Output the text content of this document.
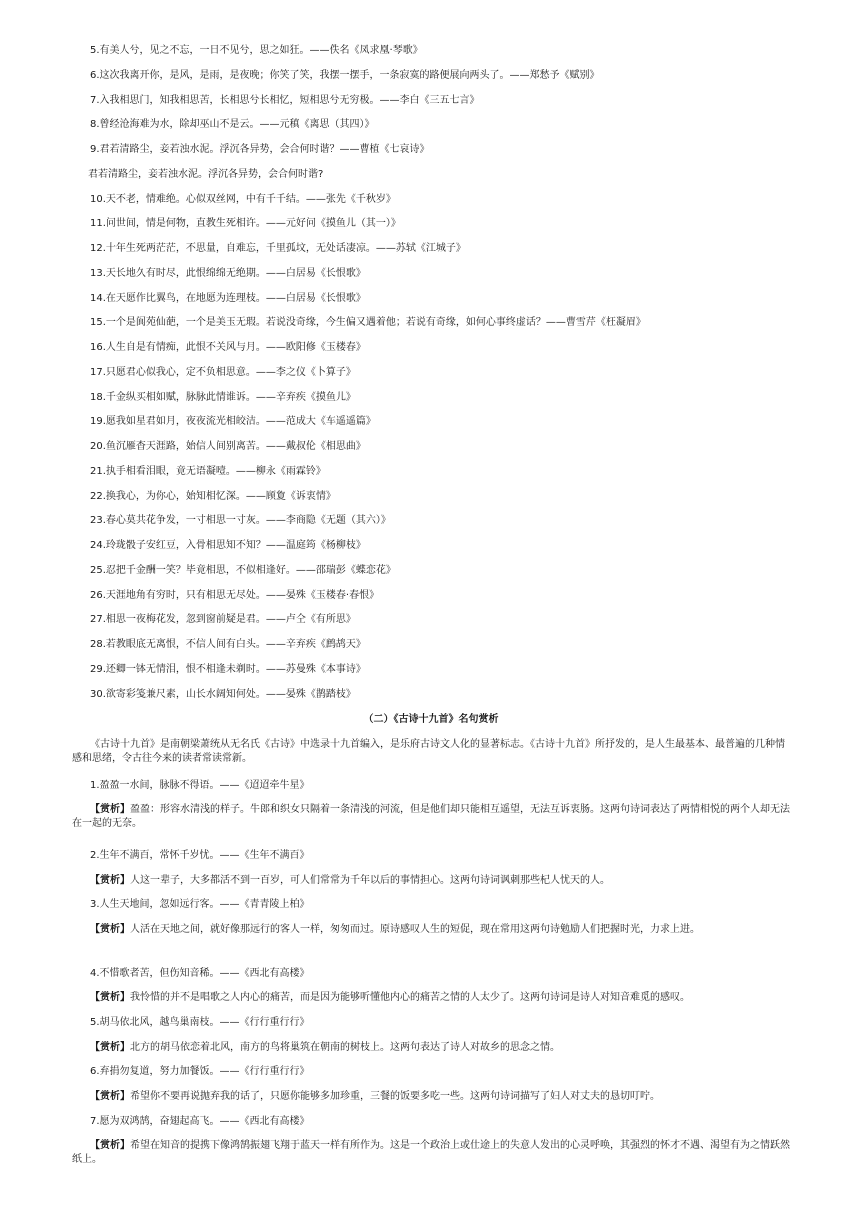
5.有美人兮，见之不忘，一日不见兮，思之如狂。——佚名《凤求凰·琴歌》
6.这次我离开你，是风，是雨，是夜晚；你笑了笑，我摆一摆手，一条寂寞的路便展向两头了。——郑愁予《赋别》
7.入我相思门，知我相思苦，长相思兮长相忆，短相思兮无穷极。——李白《三五七言》
8.曾经沧海难为水，除却巫山不是云。——元稹《离思（其四）》
9.君若清路尘，妾若浊水泥。浮沉各异势，会合何时谐？——曹植《七哀诗》
君若清路尘，妾若浊水泥。浮沉各异势，会合何时谐?
10.天不老，情难绝。心似双丝网，中有千千结。——张先《千秋岁》
11.问世间，情是何物，直教生死相许。——元好问《摸鱼儿（其一）》
12.十年生死两茫茫，不思量，自难忘，千里孤坟，无处话凄凉。——苏轼《江城子》
13.天长地久有时尽，此恨绵绵无绝期。——白居易《长恨歌》
14.在天愿作比翼鸟，在地愿为连理枝。——白居易《长恨歌》
15.一个是阆苑仙葩，一个是美玉无瑕。若说没奇缘，今生偏又遇着他；若说有奇缘，如何心事终虚话？——曹雪芹《枉凝眉》
16.人生自是有情痴，此恨不关风与月。——欧阳修《玉楼春》
17.只愿君心似我心，定不负相思意。——李之仪《卜算子》
18.千金纵买相如赋，脉脉此情谁诉。——辛弃疾《摸鱼儿》
19.愿我如星君如月，夜夜流光相皎洁。——范成大《车遥遥篇》
20.鱼沉雁杳天涯路，始信人间别离苦。——戴叔伦《相思曲》
21.执手相看泪眼，竟无语凝噎。——柳永《雨霖铃》
22.换我心，为你心，始知相忆深。——顾夐《诉衷情》
23.春心莫共花争发，一寸相思一寸灰。——李商隐《无题（其六）》
24.玲珑骰子安红豆，入骨相思知不知？——温庭筠《杨柳枝》
25.忍把千金酬一笑？毕竟相思，不似相逢好。——邵瑞彭《蝶恋花》
26.天涯地角有穷时，只有相思无尽处。——晏殊《玉楼春·春恨》
27.相思一夜梅花发，忽到窗前疑是君。——卢仝《有所思》
28.若教眼底无离恨，不信人间有白头。——辛弃疾《鹧鸪天》
29.还卿一钵无情泪，恨不相逢未剃时。——苏曼殊《本事诗》
30.欲寄彩笺兼尺素，山长水阔知何处。——晏殊《鹊踏枝》
（二）《古诗十九首》名句赏析
《古诗十九首》是南朝梁萧统从无名氏《古诗》中选录十九首编入，是乐府古诗文人化的显著标志。《古诗十九首》所抒发的，是人生最基本、最普遍的几种情感和思绪，令古往今来的读者常读常新。
1.盈盈一水间，脉脉不得语。——《迢迢牵牛星》
【赏析】盈盈：形容水清浅的样子。牛郎和织女只隔着一条清浅的河流，但是他们却只能相互遥望，无法互诉衷肠。这两句诗词表达了两情相悦的两个人却无法在一起的无奈。
2.生年不满百，常怀千岁忧。——《生年不满百》
【赏析】人这一辈子，大多都活不到一百岁，可人们常常为千年以后的事情担心。这两句诗词讽刺那些杞人忧天的人。
3.人生天地间，忽如远行客。——《青青陵上柏》
【赏析】人活在天地之间，就好像那远行的客人一样，匆匆而过。原诗感叹人生的短促，现在常用这两句诗勉励人们把握时光，力求上进。
4.不惜歌者苦，但伤知音稀。——《西北有高楼》
【赏析】我怜惜的并不是唱歌之人内心的痛苦，而是因为能够听懂他内心的痛苦之情的人太少了。这两句诗词是诗人对知音难觅的感叹。
5.胡马依北风，越鸟巢南枝。——《行行重行行》
【赏析】北方的胡马依恋着北风，南方的鸟将巢筑在朝南的树枝上。这两句表达了诗人对故乡的思念之情。
6.弃捐勿复道，努力加餐饭。——《行行重行行》
【赏析】希望你不要再说抛弃我的话了，只愿你能够多加珍重，三餐的饭要多吃一些。这两句诗词描写了妇人对丈夫的恳切叮咛。
7.愿为双鸿鹄，奋翅起高飞。——《西北有高楼》
【赏析】希望在知音的提携下像鸿鹄振翅飞翔于蓝天一样有所作为。这是一个政治上或仕途上的失意人发出的心灵呼唤，其强烈的怀才不遇、渴望有为之情跃然纸上。
